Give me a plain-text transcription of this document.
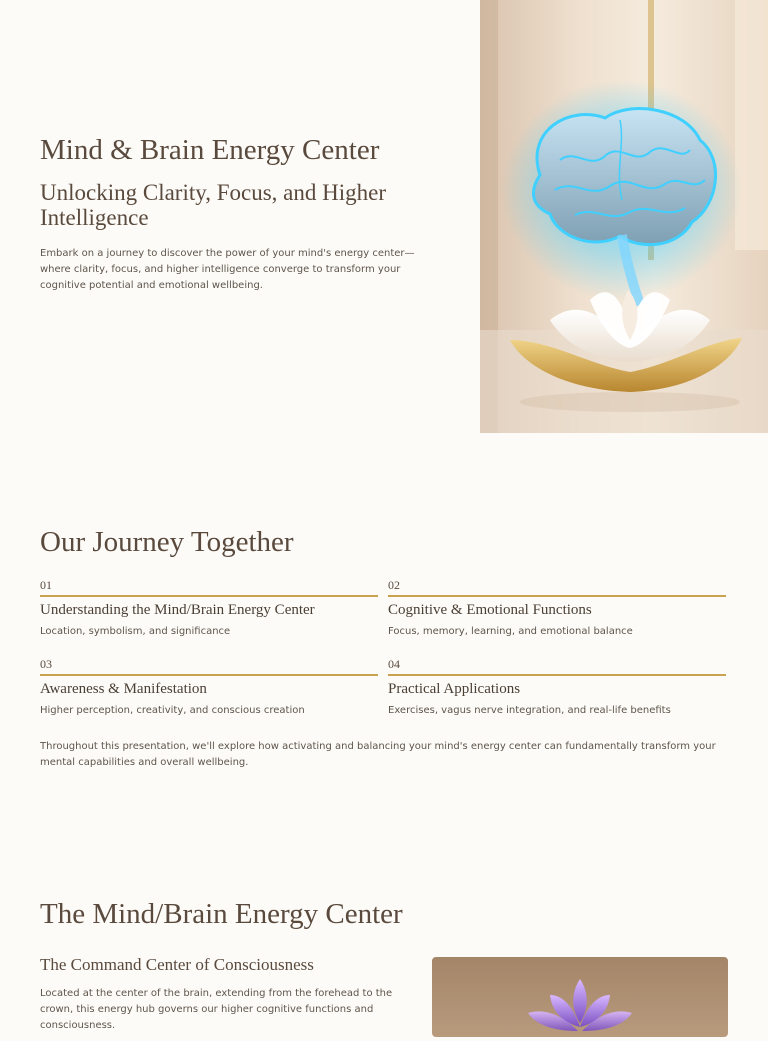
Mind & Brain Energy Center
Unlocking Clarity, Focus, and Higher Intelligence

Embark on a journey to discover the power of your mind's energy center—where clarity, focus, and higher intelligence converge to transform your cognitive potential and emotional wellbeing.

Our Journey Together
01
Understanding the Mind/Brain Energy Center
Location, symbolism, and significance
02
Cognitive & Emotional Functions
Focus, memory, learning, and emotional balance
03
Awareness & Manifestation
Higher perception, creativity, and conscious creation
04
Practical Applications
Exercises, vagus nerve integration, and real-life benefits

Throughout this presentation, we'll explore how activating and balancing your mind's energy center can fundamentally transform your mental capabilities and overall wellbeing.

The Mind/Brain Energy Center
The Command Center of Consciousness

Located at the center of the brain, extending from the forehead to the crown, this energy hub governs our higher cognitive functions and consciousness.
